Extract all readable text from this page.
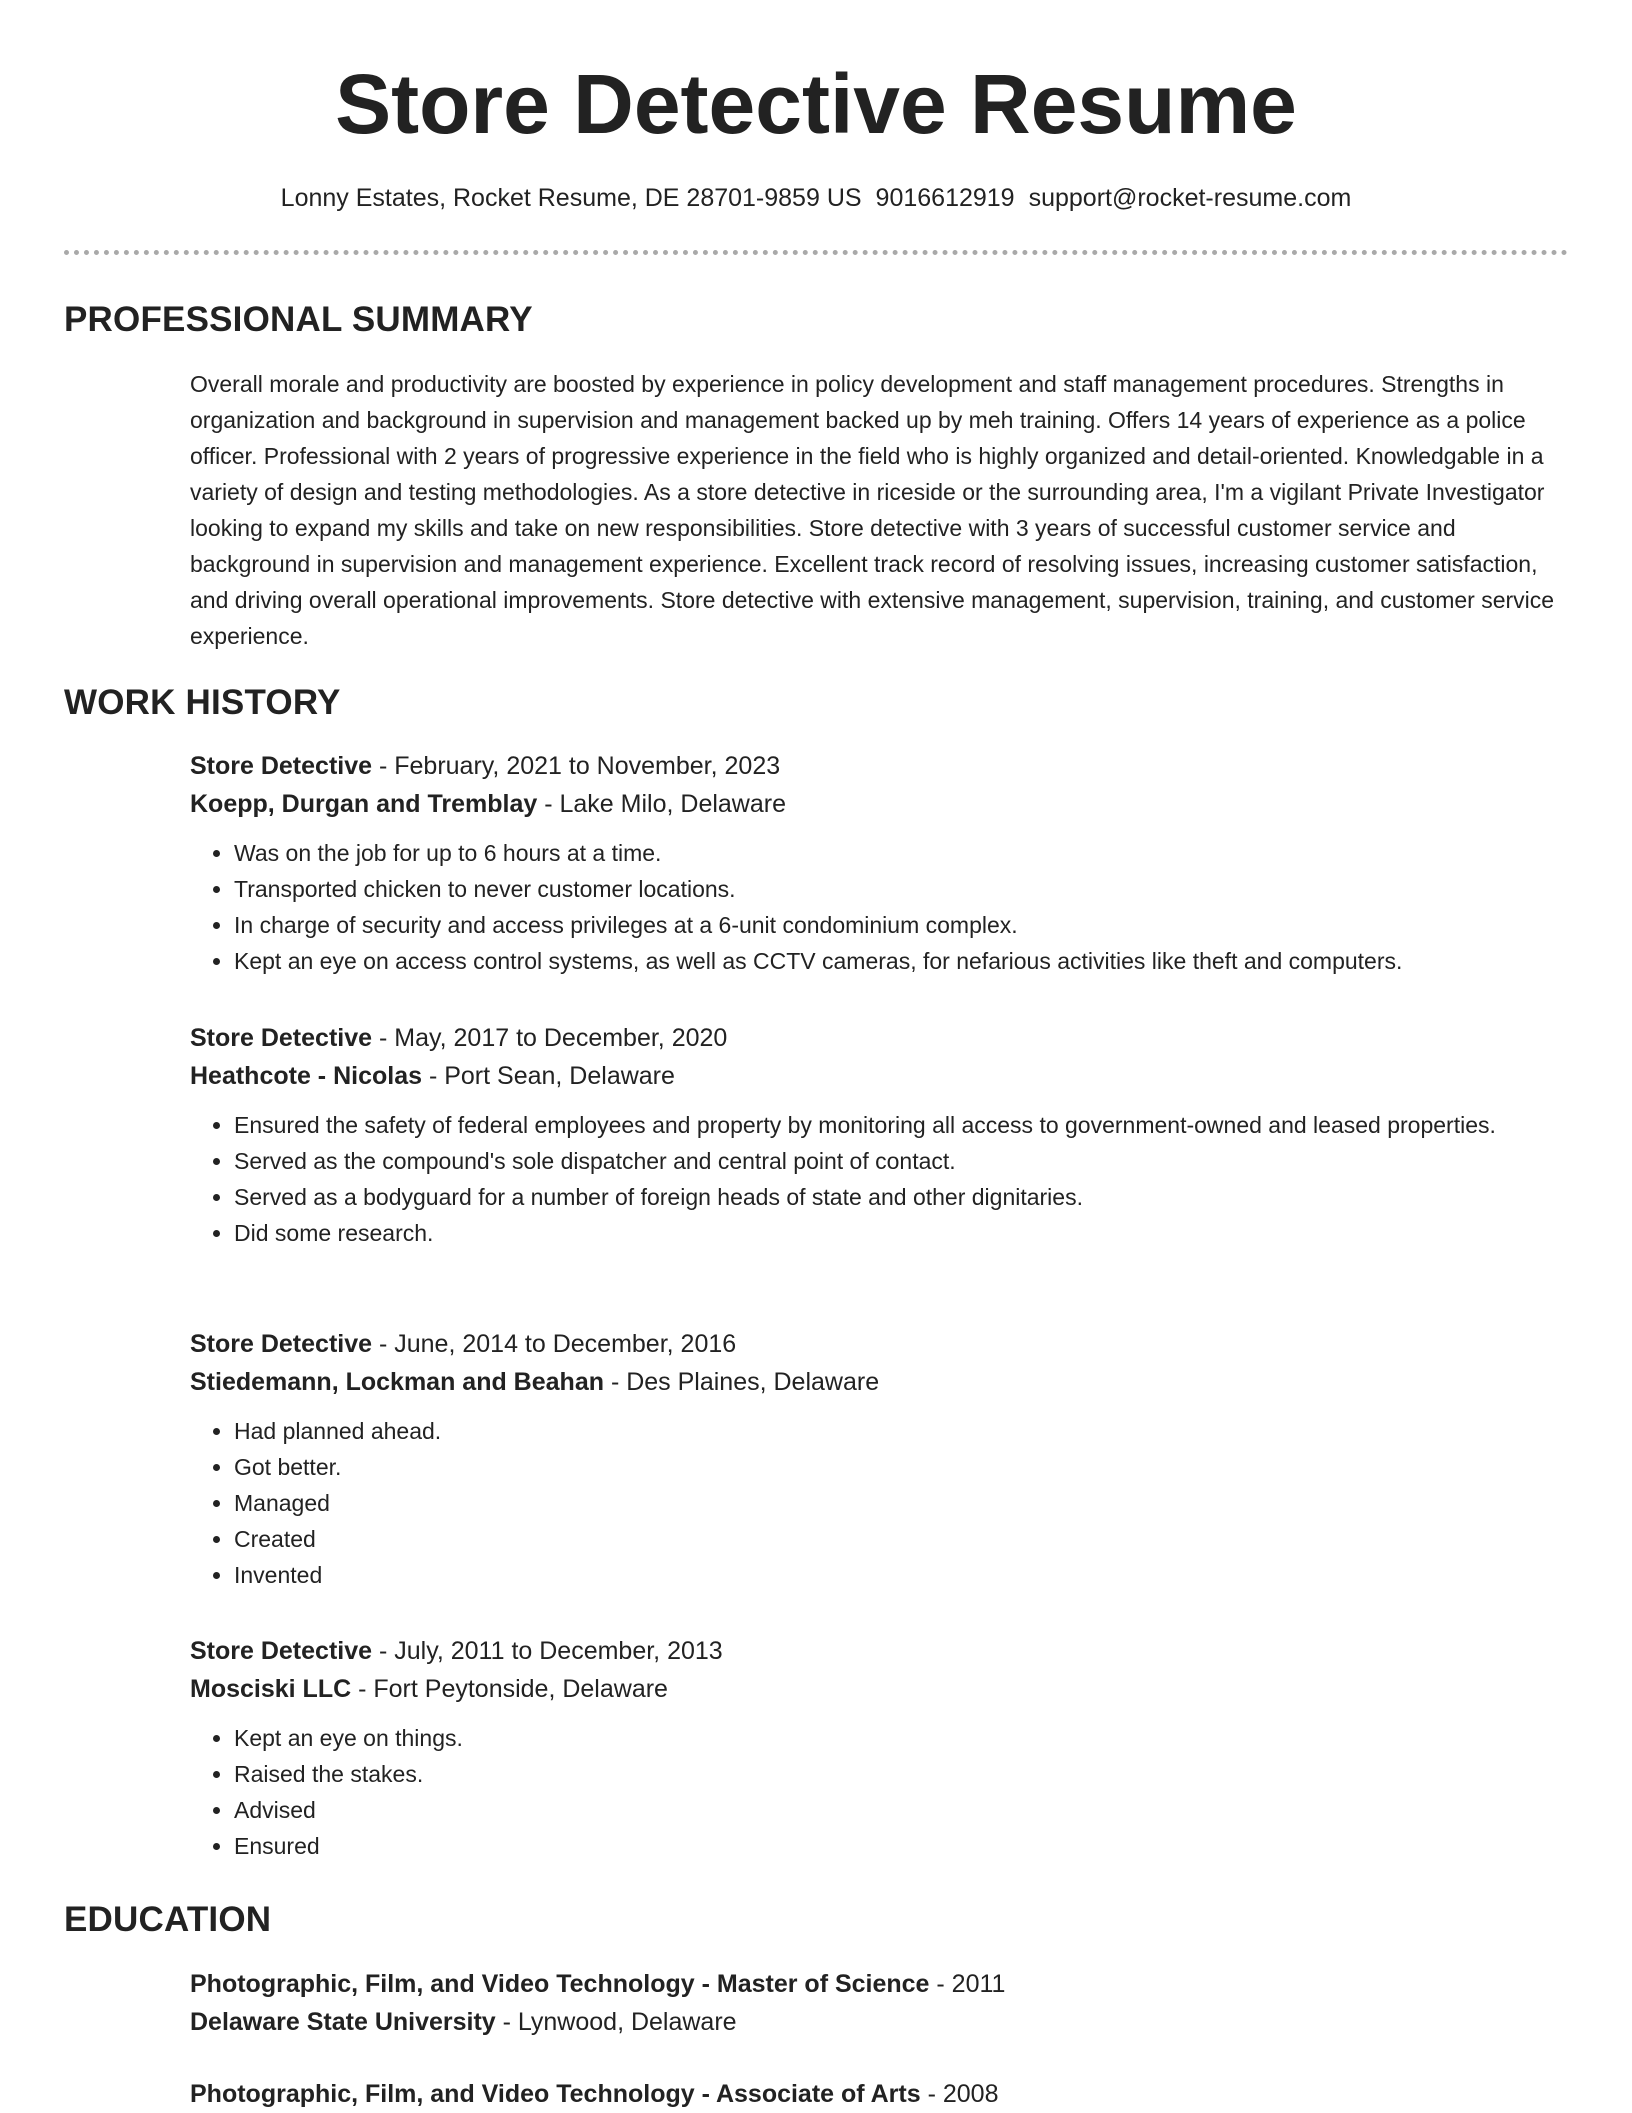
Store Detective Resume
Lonny Estates, Rocket Resume, DE 28701-9859 US 9016612919 support@rocket-resume.com
PROFESSIONAL SUMMARY
Overall morale and productivity are boosted by experience in policy development and staff management procedures. Strengths in organization and background in supervision and management backed up by meh training. Offers 14 years of experience as a police officer. Professional with 2 years of progressive experience in the field who is highly organized and detail-oriented. Knowledgable in a variety of design and testing methodologies. As a store detective in riceside or the surrounding area, I'm a vigilant Private Investigator looking to expand my skills and take on new responsibilities. Store detective with 3 years of successful customer service and background in supervision and management experience. Excellent track record of resolving issues, increasing customer satisfaction, and driving overall operational improvements. Store detective with extensive management, supervision, training, and customer service experience.
WORK HISTORY
Store Detective - February, 2021 to November, 2023
Koepp, Durgan and Tremblay - Lake Milo, Delaware
• Was on the job for up to 6 hours at a time.
• Transported chicken to never customer locations.
• In charge of security and access privileges at a 6-unit condominium complex.
• Kept an eye on access control systems, as well as CCTV cameras, for nefarious activities like theft and computers.
Store Detective - May, 2017 to December, 2020
Heathcote - Nicolas - Port Sean, Delaware
• Ensured the safety of federal employees and property by monitoring all access to government-owned and leased properties.
• Served as the compound's sole dispatcher and central point of contact.
• Served as a bodyguard for a number of foreign heads of state and other dignitaries.
• Did some research.
Store Detective - June, 2014 to December, 2016
Stiedemann, Lockman and Beahan - Des Plaines, Delaware
• Had planned ahead.
• Got better.
• Managed
• Created
• Invented
Store Detective - July, 2011 to December, 2013
Mosciski LLC - Fort Peytonside, Delaware
• Kept an eye on things.
• Raised the stakes.
• Advised
• Ensured
EDUCATION
Photographic, Film, and Video Technology - Master of Science - 2011
Delaware State University - Lynwood, Delaware
Photographic, Film, and Video Technology - Associate of Arts - 2008
